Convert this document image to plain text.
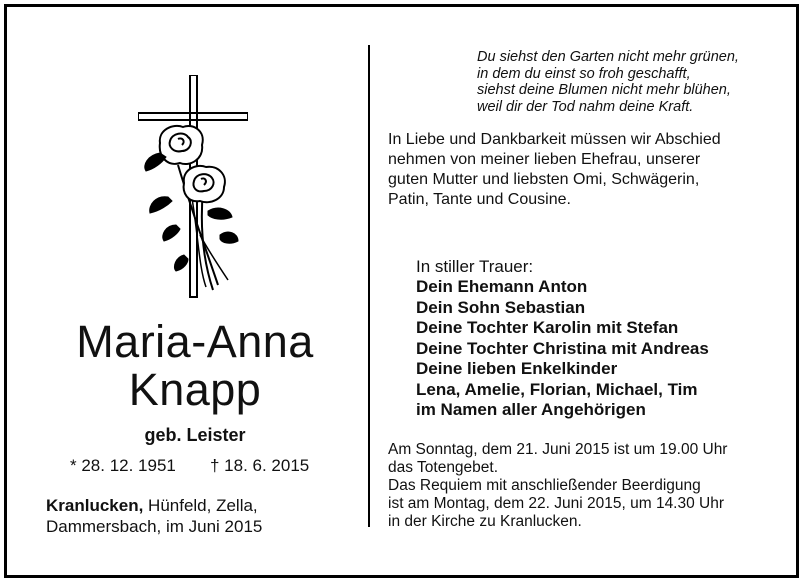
Maria-Anna
Knapp
geb. Leister
* 28. 12. 1951 † 18. 6. 2015
Kranlucken, Hünfeld, Zella,
Dammersbach, im Juni 2015
Du siehst den Garten nicht mehr grünen,
in dem du einst so froh geschafft,
siehst deine Blumen nicht mehr blühen,
weil dir der Tod nahm deine Kraft.
In Liebe und Dankbarkeit müssen wir Abschied
nehmen von meiner lieben Ehefrau, unserer
guten Mutter und liebsten Omi, Schwägerin,
Patin, Tante und Cousine.
In stiller Trauer:
Dein Ehemann Anton
Dein Sohn Sebastian
Deine Tochter Karolin mit Stefan
Deine Tochter Christina mit Andreas
Deine lieben Enkelkinder
Lena, Amelie, Florian, Michael, Tim
im Namen aller Angehörigen
Am Sonntag, dem 21. Juni 2015 ist um 19.00 Uhr
das Totengebet.
Das Requiem mit anschließender Beerdigung
ist am Montag, dem 22. Juni 2015, um 14.30 Uhr
in der Kirche zu Kranlucken.
